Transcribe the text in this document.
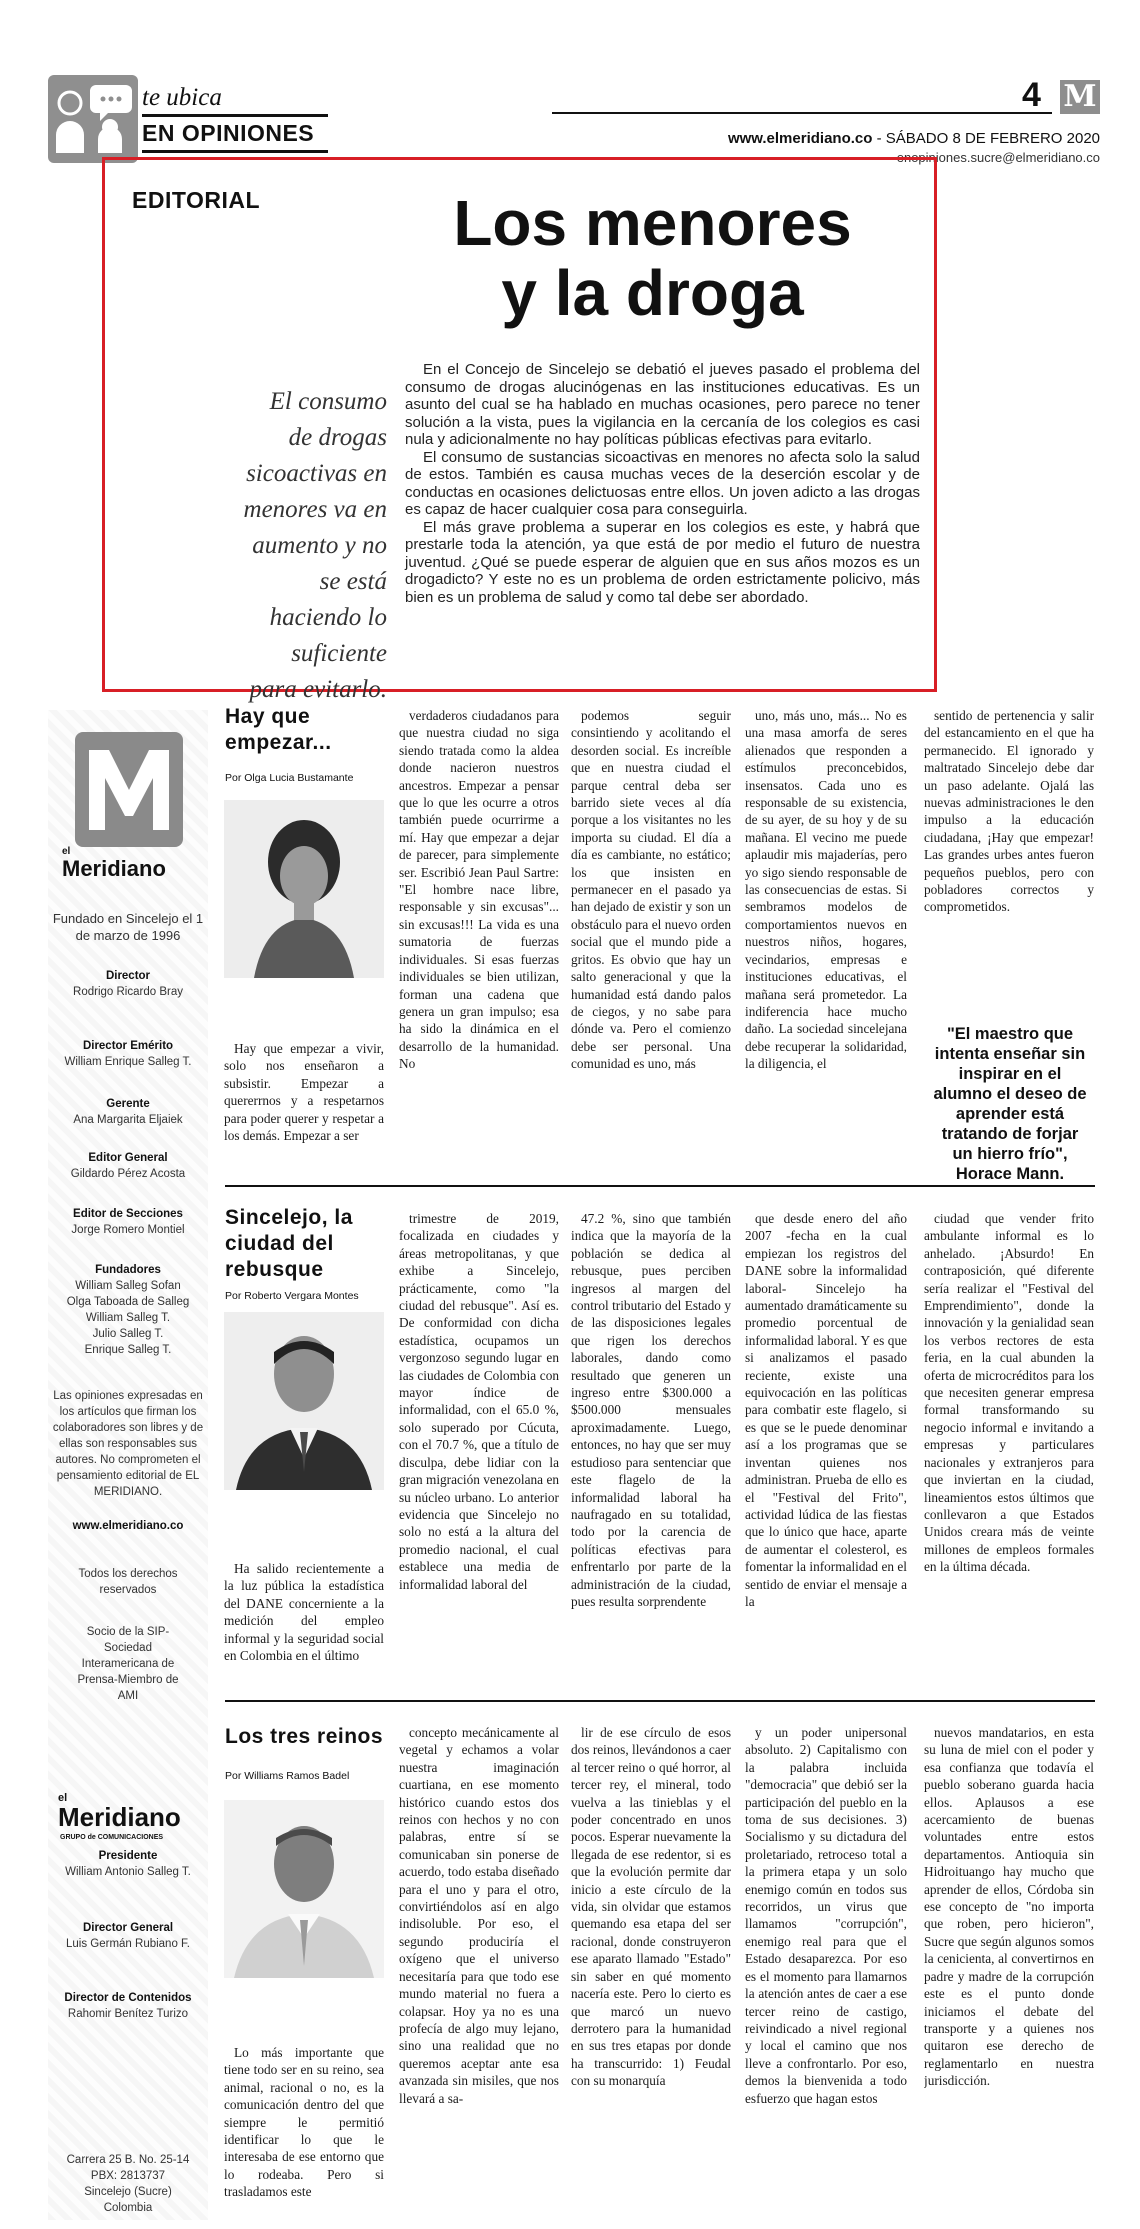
te ubica
EN OPINIONES
4 M
www.elmeridiano.co - SÁBADO 8 DE FEBRERO 2020
enopiniones.sucre@elmeridiano.co
EDITORIAL	Los menores
y la droga
El consumo de drogas sicoactivas en menores va en aumento y no se está haciendo lo suficiente para evitarlo.

En el Concejo de Sincelejo se debatió el jueves pasado el problema del consumo de drogas alucinógenas en las instituciones educativas. Es un asunto del cual se ha hablado en muchas ocasiones, pero parece no tener solución a la vista, pues la vigilancia en la cercanía de los colegios es casi nula y adicionalmente no hay políticas públicas efectivas para evitarlo.

El consumo de sustancias sicoactivas en menores no afecta solo la salud de estos. También es causa muchas veces de la deserción escolar y de conductas en ocasiones delictuosas entre ellos. Un joven adicto a las drogas es capaz de hacer cualquier cosa para conseguirla.

El más grave problema a superar en los colegios es este, y habrá que prestarle toda la atención, ya que está de por medio el futuro de nuestra juventud. ¿Qué se puede esperar de alguien que en sus años mozos es un drogadicto? Y este no es un problema de orden estrictamente policivo, más bien es un problema de salud y como tal debe ser abordado.

el
Meridiano
Fundado en Sincelejo el 1 de marzo de 1996
Director
Rodrigo Ricardo Bray
Director Emérito
William Enrique Salleg T.
Gerente
Ana Margarita Eljaiek
Editor General
Gildardo Pérez Acosta
Editor de Secciones
Jorge Romero Montiel
Fundadores
William Salleg Sofan
Olga Taboada de Salleg
William Salleg T.
Julio Salleg T.
Enrique Salleg T.
Las opiniones expresadas en los artículos que firman los colaboradores son libres y de ellas son responsables sus autores. No comprometen el pensamiento editorial de EL MERIDIANO.
www.elmeridiano.co
Todos los derechos reservados
Socio de la SIP-Sociedad Interamericana de Prensa-Miembro de AMI
el
Meridiano
GRUPO de COMUNICACIONES
Presidente
William Antonio Salleg T.
Director General
Luis Germán Rubiano F.
Director de Contenidos
Rahomir Benítez Turizo
Carrera 25 B. No. 25-14 PBX: 2813737 Sincelejo (Sucre) Colombia
Hay que empezar...
Por Olga Lucia Bustamante

Hay que empezar a vivir, solo nos enseñaron a subsistir. Empezar a quererrnos y a respetarnos para poder querer y respetar a los demás. Empezar a ser

verdaderos ciudadanos para que nuestra ciudad no siga siendo tratada como la aldea donde nacieron nuestros ancestros. Empezar a pensar que lo que les ocurre a otros también puede ocurrirme a mí. Hay que empezar a dejar de parecer, para simplemente ser. Escribió Jean Paul Sartre: "El hombre nace libre, responsable y sin excusas"... sin excusas!!! La vida es una sumatoria de fuerzas individuales. Si esas fuerzas individuales se bien utilizan, forman una cadena que genera un gran impulso; esa ha sido la dinámica en el desarrollo de la humanidad. No

podemos seguir consintiendo y acolitando el desorden social. Es increíble que en nuestra ciudad el parque central deba ser barrido siete veces al día porque a los visitantes no les importa su ciudad. El día a día es cambiante, no estático; los que insisten en permanecer en el pasado ya han dejado de existir y son un obstáculo para el nuevo orden social que el mundo pide a gritos. Es obvio que hay un salto generacional y que la humanidad está dando palos de ciegos, y no sabe para dónde va. Pero el comienzo debe ser personal. Una comunidad es uno, más

uno, más uno, más... No es una masa amorfa de seres alienados que responden a estímulos preconcebidos, insensatos. Cada uno es responsable de su existencia, de su ayer, de su hoy y de su mañana. El vecino me puede aplaudir mis majaderías, pero yo sigo siendo responsable de las consecuencias de estas. Si sembramos modelos de comportamientos nuevos en nuestros niños, hogares, vecindarios, empresas e instituciones educativas, el mañana será prometedor. La indiferencia hace mucho daño. La sociedad sincelejana debe recuperar la solidaridad, la diligencia, el

sentido de pertenencia y salir del estancamiento en el que ha permanecido. El ignorado y maltratado Sincelejo debe dar un paso adelante. Ojalá las nuevas administraciones le den impulso a la educación ciudadana, ¡Hay que empezar! Las grandes urbes antes fueron pequeños pueblos, pero con pobladores correctos y comprometidos.

"El maestro que intenta enseñar sin inspirar en el alumno el deseo de aprender está tratando de forjar un hierro frío", Horace Mann.
Sincelejo, la ciudad del rebusque
Por Roberto Vergara Montes

Ha salido recientemente a la luz pública la estadística del DANE concerniente a la medición del empleo informal y la seguridad social en Colombia en el último

trimestre de 2019, focalizada en ciudades y áreas metropolitanas, y que exhibe a Sincelejo, prácticamente, como "la ciudad del rebusque". Así es. De conformidad con dicha estadística, ocupamos un vergonzoso segundo lugar en las ciudades de Colombia con mayor índice de informalidad, con el 65.0 %, solo superado por Cúcuta, con el 70.7 %, que a título de disculpa, debe lidiar con la gran migración venezolana en su núcleo urbano. Lo anterior evidencia que Sincelejo no solo no está a la altura del promedio nacional, el cual establece una media de informalidad laboral del

47.2 %, sino que también indica que la mayoría de la población se dedica al rebusque, pues perciben ingresos al margen del control tributario del Estado y de las disposiciones legales que rigen los derechos laborales, dando como resultado que generen un ingreso entre $300.000 a $500.000 mensuales aproximadamente. Luego, entonces, no hay que ser muy estudioso para sentenciar que este flagelo de la informalidad laboral ha naufragado en su totalidad, todo por la carencia de políticas efectivas para enfrentarlo por parte de la administración de la ciudad, pues resulta sorprendente

que desde enero del año 2007 -fecha en la cual empiezan los registros del DANE sobre la informalidad laboral- Sincelejo ha aumentado dramáticamente su promedio porcentual de informalidad laboral. Y es que si analizamos el pasado reciente, existe una equivocación en las políticas para combatir este flagelo, si es que se le puede denominar así a los programas que se inventan quienes nos administran. Prueba de ello es el "Festival del Frito", actividad lúdica de las fiestas que lo único que hace, aparte de aumentar el colesterol, es fomentar la informalidad en el sentido de enviar el mensaje a la

ciudad que vender frito ambulante informal es lo anhelado. ¡Absurdo! En contraposición, qué diferente sería realizar el "Festival del Emprendimiento", donde la innovación y la genialidad sean los verbos rectores de esta feria, en la cual abunden la oferta de microcréditos para los que necesiten generar empresa formal transformando su negocio informal e invitando a empresas y particulares nacionales y extranjeros para que inviertan en la ciudad, lineamientos estos últimos que conllevaron a que Estados Unidos creara más de veinte millones de empleos formales en la última década.

Los tres reinos
Por Williams Ramos Badel

Lo más importante que tiene todo ser en su reino, sea animal, racional o no, es la comunicación dentro del que siempre le permitió identificar lo que le interesaba de ese entorno que lo rodeaba. Pero si trasladamos este

concepto mecánicamente al vegetal y echamos a volar nuestra imaginación cuartiana, en ese momento histórico cuando estos dos reinos con hechos y no con palabras, entre sí se comunicaban sin ponerse de acuerdo, todo estaba diseñado para el uno y para el otro, convirtiéndolos así en algo indisoluble. Por eso, el segundo produciría el oxígeno que el universo necesitaría para que todo ese mundo material no fuera a colapsar. Hoy ya no es una profecía de algo muy lejano, sino una realidad que no queremos aceptar ante esa avanzada sin misiles, que nos llevará a sa-

lir de ese círculo de esos dos reinos, llevándonos a caer al tercer reino o qué horror, al tercer rey, el mineral, todo vuelva a las tinieblas y el poder concentrado en unos pocos. Esperar nuevamente la llegada de ese redentor, si es que la evolución permite dar inicio a este círculo de la vida, sin olvidar que estamos quemando esa etapa del ser racional, donde construyeron ese aparato llamado "Estado" sin saber en qué momento nacería este. Pero lo cierto es que marcó un nuevo derrotero para la humanidad en sus tres etapas por donde ha transcurrido: 1) Feudal con su monarquía

y un poder unipersonal absoluto. 2) Capitalismo con la palabra incluida "democracia" que debió ser la participación del pueblo en la toma de sus decisiones. 3) Socialismo y su dictadura del proletariado, retroceso total a la primera etapa y un solo enemigo común en todos sus recorridos, un virus que llamamos "corrupción", enemigo real para que el Estado desaparezca. Por eso es el momento para llamarnos la atención antes de caer a ese tercer reino de castigo, reivindicado a nivel regional y local el camino que nos lleve a confrontarlo. Por eso, demos la bienvenida a todo esfuerzo que hagan estos

nuevos mandatarios, en esta su luna de miel con el poder y esa confianza que todavía el pueblo soberano guarda hacia ellos. Aplausos a ese acercamiento de buenas voluntades entre estos departamentos. Antioquia sin Hidroituango hay mucho que aprender de ellos, Córdoba sin ese concepto de "no importa que roben, pero hicieron", Sucre que según algunos somos la cenicienta, al convertirnos en padre y madre de la corrupción este es el punto donde iniciamos el debate del transporte y a quienes nos quitaron ese derecho de reglamentarlo en nuestra jurisdicción.
